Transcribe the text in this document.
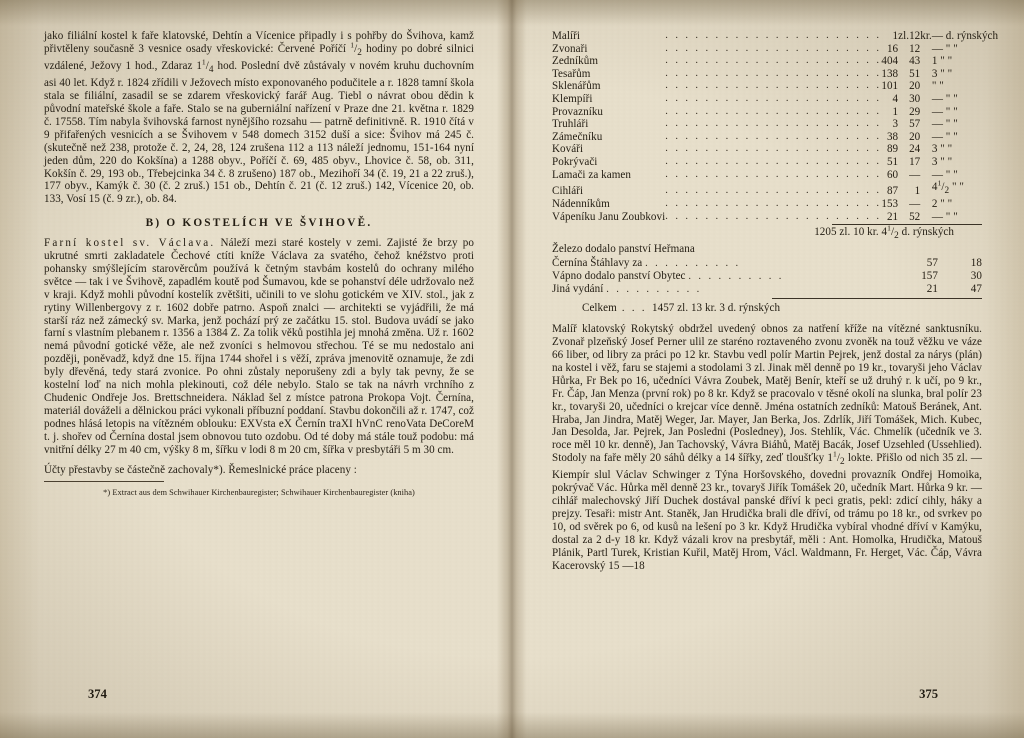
jako filiální kostel k faře klatovské, Dehtín a Vícenice připadly i s pohřby do Švihova, kamž přivtěleny současně 3 vesnice osady vřeskovické: Červené Poříčí $^1/_2$ hodiny po dobré silnici vzdálené, Ježovy 1 hod., Zdaraz $1^1/_4$ hod. Poslední dvě zůstávaly v novém kruhu duchovním asi 40 let. Když r. 1824 zřídili v Ježovech místo exponovaného podučitele a r. 1828 tamní škola stala se filiální, zasadil se se zdarem vřeskovický farář Aug. Tiebl o návrat obou dědin k původní mateřské škole a faře. Stalo se na guberniální nařízení v Praze dne 21. května r. 1829 č. 17558. Tím nabyla švihovská farnost nynějšího rozsahu — patrně definitivně. R. 1910 čítá v 9 přifařených vesnicích a se Švihovem v 548 domech 3152 duší a sice: Švihov má 245 č. (skutečně než 238, protože č. 2, 24, 28, 124 zrušena 112 a 113 náleží jednomu, 151-164 nyní jeden dům, 220 do Kokšína) a 1288 obyv., Poříčí č. 69, 485 obyv., Lhovice č. 58, ob. 311, Kokšín č. 29, 193 ob., Třebejcinka 34 č. 8 zrušeno) 187 ob., Mezihoří 34 (č. 19, 21 a 22 zruš.), 177 obyv., Kamýk č. 30 (č. 2 zruš.) 151 ob., Dehtín č. 21 (č. 12 zruš.) 142, Vícenice 20, ob. 133, Vosí 15 (č. 9 zr.), ob. 84.

B) O KOSTELÍCH VE ŠVIHOVĚ.

Farní kostel sv. Václava. Náleží mezi staré kostely v zemi. Zajisté že brzy po ukrutné smrti zakladatele Čechové ctíti kníže Václava za svatého, čehož knéžstvo proti pohansky smýšlejícím starověrcům používá k četným stavbám kostelů do ochrany milého světce — tak i ve Švihově, zapadlém koutě pod Šumavou, kde se pohanství déle udržovalo než v kraji. Když mohli původní kostelík zvětšiti, učinili to ve slohu gotickém ve XIV. stol., jak z rytiny Willenbergovy z r. 1602 dobře patrno. Aspoň znalci — architekti se vyjádřili, že má starší ráz než zámecký sv. Marka, jenž pochází prý ze začátku 15. stol. Budova uvádí se jako farní s vlastním plebanem r. 1356 a 1384 Z. Za tolik věků postihla jej mnohá změna. Už r. 1602 nemá původní gotické věže, ale než zvoníci s helmovou střechou. Té se mu nedostalo ani později, poněvadž, když dne 15. října 1744 shořel i s věží, zpráva jmenovitě oznamuje, že zdi byly dřevěná, tedy stará zvonice. Po ohni zůstaly neporušeny zdi a byly tak pevny, že se kostelní loď na nich mohla plekinouti, což déle nebylo. Stalo se tak na návrh vrchního z Chudenic Ondřeje Jos. Brettschneidera. Náklad šel z místce patrona Prokopa Vojt. Černína, materiál dováželi a dělnickou práci vykonali příbuzní poddaní. Stavbu dokončili až r. 1747, což podnes hlásá letopis na vítězném oblouku: EXVsta eX Černín traXI hVnC renoVata DeCoreM t. j. shořev od Černína dostal jsem obnovou tuto ozdobu. Od té doby má stále touž podobu: má vnitřní délky 27 m 40 cm, výšky 8 m, šířku v lodi 8 m 20 cm, šířka v presbytáři 5 m 30 cm.

Účty přestavby se částečně zachovaly*). Řemeslnické práce placeny :

*) Extract aus dem Schwihauer Kirchenbauregister; Schwihauer Kirchenbauregister (kniha)
374
Malíři	. . . . . . . . . . . . . . . . . . . . . .	1	zl.	12	kr.	— d. rýnských
Zvonaři	. . . . . . . . . . . . . . . . . . . . . .	16		12		— " "
Zedníkům	. . . . . . . . . . . . . . . . . . . . . .	404		43		1 " "
Tesařům	. . . . . . . . . . . . . . . . . . . . . .	138		51		3 " "
Sklenářům	. . . . . . . . . . . . . . . . . . . . . .	101		20		" "
Klempíři	. . . . . . . . . . . . . . . . . . . . . .	4		30		— " "
Provazníku	. . . . . . . . . . . . . . . . . . . . . .	1		29		— " "
Truhláři	. . . . . . . . . . . . . . . . . . . . . .	3		57		— " "
Zámečníku	. . . . . . . . . . . . . . . . . . . . . .	38		20		— " "
Kováři	. . . . . . . . . . . . . . . . . . . . . .	89		24		3 " "
Pokrývači	. . . . . . . . . . . . . . . . . . . . . .	51		17		3 " "
Lamači za kamen	. . . . . . . . . . . . . . . . . . . . . .	60		—		— " "
Cihláři	. . . . . . . . . . . . . . . . . . . . . .	87		1		$4^1/_2$ " "
Nádenníkům	. . . . . . . . . . . . . . . . . . . . . .	153		—		2 " "
Vápeníku Janu Zoubkovi	. . . . . . . . . . . . . . . . . . . . . .	21		52		— " "
1205 zl. 10 kr. $4^1/_2$ d. rýnských
Železo dodalo panství Heřmana		
Černína Štáhlavy za . . . . . . . . . .	57	18
Vápno dodalo panství Obytec . . . . . . . . . .	157	30
Jiná vydání . . . . . . . . . .	21	47
Celkem . . . 1457 zl. 13 kr. 3 d. rýnských

Malíř klatovský Rokytský obdržel uvedený obnos za natření kříže na vítězné sanktusníku. Zvonař plzeňský Josef Perner ulil ze staréno roztaveného zvonu zvoněk na touž věžku ve váze 66 liber, od libry za práci po 12 kr. Stavbu vedl polír Martin Pejrek, jenž dostal za nárys (plán) na kostel i věž, faru se stajemi a stodolami 3 zl. Jinak měl denně po 19 kr., tovaryši jeho Václav Hůrka, Fr Bek po 16, učedníci Vávra Zoubek, Matěj Benír, kteří se už druhý r. k učí, po 9 kr., Fr. Čáp, Jan Menza (první rok) po 8 kr. Když se pracovalo v těsné okolí na slunka, bral polír 23 kr., tovaryši 20, učedníci o krejcar více denně. Jména ostatních zedníků: Matouš Beránek, Ant. Hraba, Jan Jindra, Matěj Weger, Jar. Mayer, Jan Berka, Jos. Zdrlík, Jiří Tomášek, Mich. Kubec, Jan Desolda, Jar. Pejrek, Jan Posledni (Posledney), Jos. Stehlík, Vác. Chmelík (učedník ve 3. roce měl 10 kr. denně), Jan Tachovský, Vávra Biáhů, Matěj Bacák, Josef Uzsehled (Ussehlied). Stodoly na faře měly 20 sáhů délky a 14 šířky, zeď tloušťky $1^1/_2$ lokte. Přišlo od nich 35 zl. — Kiempír slul Václav Schwinger z Týna Horšovského, dovedni provazník Ondřej Homoika, pokrývač Vác. Hůrka měl denně 23 kr., tovaryš Jiřík Tomášek 20, učedník Mart. Hůrka 9 kr. — cihlář malechovský Jiří Duchek dostával panské dříví k peci gratis, pekl: zdicí cihly, háky a prejzy. Tesaři: mistr Ant. Staněk, Jan Hrudička brali dle dříví, od trámu po 18 kr., od svrkev po 10, od svěrek po 6, od kusů na lešení po 3 kr. Když Hrudička vybíral vhodné dříví v Kamýku, dostal za 2 d-y 18 kr. Když vázali krov na presbytář, měli : Ant. Homolka, Hrudička, Matouš Plánik, Partl Turek, Kristian Kuřil, Matěj Hrom, Václ. Waldmann, Fr. Herget, Vác. Čáp, Vávra Kacerovský 15 —18

375
